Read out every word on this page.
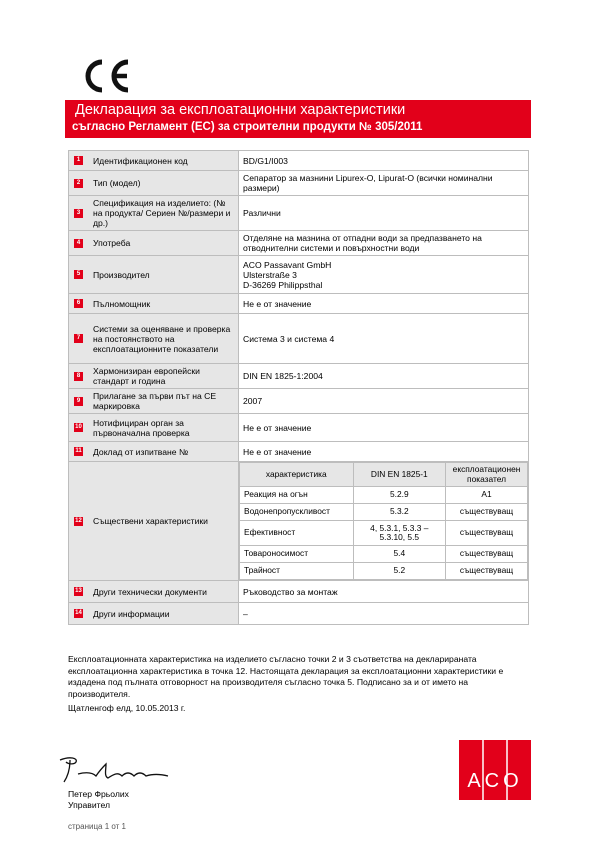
Декларация за експлоатационни характеристики
съгласно Регламент (ЕС) за строителни продукти № 305/2011
1	Идентификационен код	BD/G1/I003

2	Тип (модел)	Сепаратор за мазнини Lipurex-O, Lipurat-O (всички номинални размери)

3
Спецификация на изделието: (№ на продукта/ Сериен №/размери и др.)
	Различни

4	Употреба	Отделяне на мазнина от отпадни води за предпазването на отводнителни системи и повърхностни води

5	Производител
	ACO Passavant GmbH
Ulsterstraße 3
D-36269 Philippsthal

6	Пълномощник	Не е от значение

7
Системи за оценяване и проверка на постоянството на експлоатационните показатели
	Система 3 и система 4

8	Хармонизиран европейски стандарт и година	DIN EN 1825-1:2004

9	Прилагане за първи път на CE маркировка	2007

10 Нотифициран орган за първоначална проверка	Не е от значение

11 Доклад от изпитване №	Не е от значение

12 Съществени характеристики

характеристика	DIN EN 1825-1	експлоатационен показател
Реакция на огън	5.2.9	A1
Водонепропускливост	5.3.2	съществуващ
Ефективност	4, 5.3.1, 5.3.3 – 5.3.10, 5.5	съществуващ
Товароносимост	5.4	съществуващ
Трайност	5.2	съществуващ

13 Други технически документи	Ръководство за монтаж

14 Други информации	–
Експлоатационната характеристика на изделието съгласно точки 2 и 3 съответства на декларираната експлоатационна характеристика в точка 12. Настоящата декларация за експлоатационни характеристики е издадена под пълната отговорност на производителя съгласно точка 5. Подписано за и от името на производителя.
Щатленгоф елд, 10.05.2013 г.
Петер Фрьолих
Управител
страница 1 от 1
ACO
